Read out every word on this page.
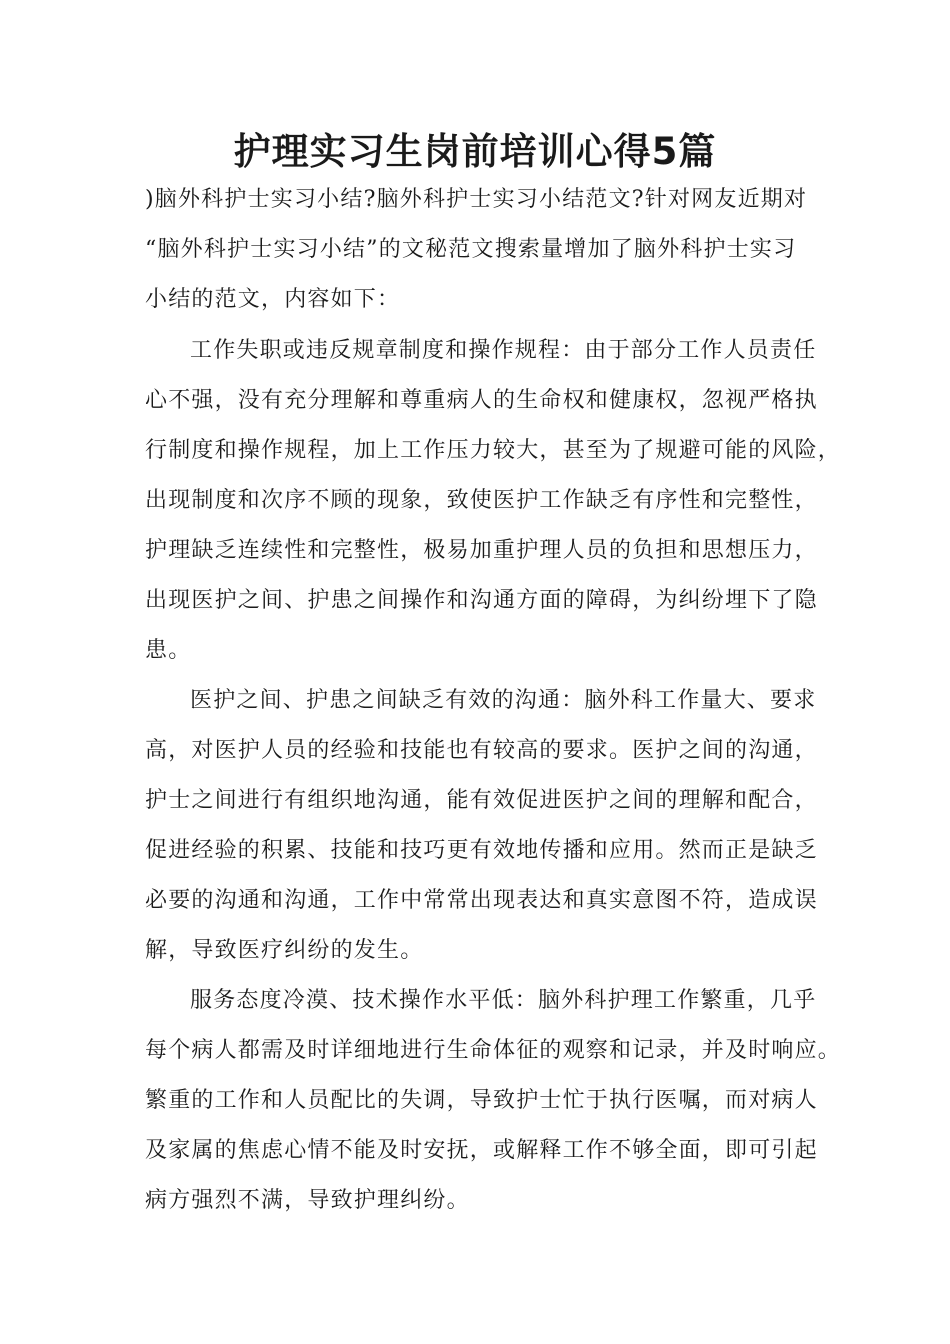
护理实习生岗前培训心得5篇
)脑外科护士实习小结?脑外科护士实习小结范文?针对网友近期对
“脑外科护士实习小结”的文秘范文搜索量增加了脑外科护士实习
小结的范文，内容如下：
工作失职或违反规章制度和操作规程：由于部分工作人员责任
心不强，没有充分理解和尊重病人的生命权和健康权，忽视严格执
行制度和操作规程，加上工作压力较大，甚至为了规避可能的风险，
出现制度和次序不顾的现象，致使医护工作缺乏有序性和完整性，
护理缺乏连续性和完整性，极易加重护理人员的负担和思想压力，
出现医护之间、护患之间操作和沟通方面的障碍，为纠纷埋下了隐
患。
医护之间、护患之间缺乏有效的沟通：脑外科工作量大、要求
高，对医护人员的经验和技能也有较高的要求。医护之间的沟通，
护士之间进行有组织地沟通，能有效促进医护之间的理解和配合，
促进经验的积累、技能和技巧更有效地传播和应用。然而正是缺乏
必要的沟通和沟通，工作中常常出现表达和真实意图不符，造成误
解，导致医疗纠纷的发生。
服务态度冷漠、技术操作水平低：脑外科护理工作繁重，几乎
每个病人都需及时详细地进行生命体征的观察和记录，并及时响应。
繁重的工作和人员配比的失调，导致护士忙于执行医嘱，而对病人
及家属的焦虑心情不能及时安抚，或解释工作不够全面，即可引起
病方强烈不满，导致护理纠纷。
